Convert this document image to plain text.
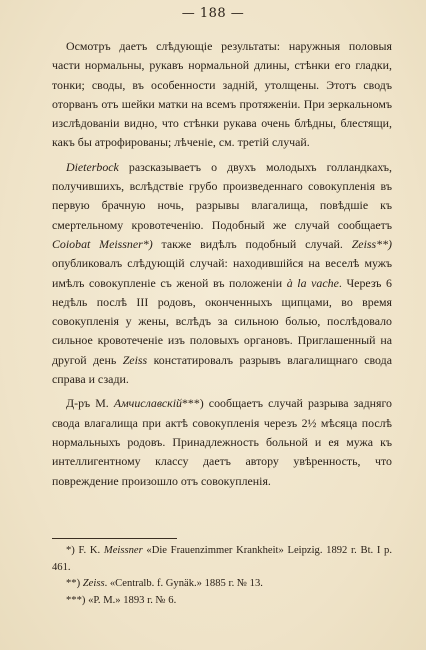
— 188 —

Осмотръ даетъ слѣдующіе результаты: наружныя половыя части нормальны, рукавъ нормальной длины, стѣнки его гладки, тонки; своды, въ особенности задній, утолщены. Этотъ сводъ оторванъ отъ шейки матки на всемъ протяженіи. При зеркальномъ изслѣдованіи видно, что стѣнки рукава очень блѣдны, блестящи, какъ бы атрофированы; лѣченіе, см. третій случай.

Dieterbock разсказываетъ о двухъ молодыхъ голландкахъ, получившихъ, вслѣдствіе грубо произведеннаго совокупленія въ первую брачную ночь, разрывы влагалища, повѣдшіе къ смертельному кровотеченію. Подобный же случай сообщаетъ Coiobat Meissner*) также видѣлъ подобный случай. Zeiss**) опубликовалъ слѣдующій случай: находившійся на веселѣ мужъ имѣлъ совокупленіе съ женой въ положеніи à la vache. Черезъ 6 недѣль послѣ III родовъ, оконченныхъ щипцами, во время совокупленія у жены, вслѣдъ за сильною болью, послѣдовало сильное кровотеченіе изъ половыхъ органовъ. Приглашенный на другой день Zeiss констатировалъ разрывъ влагалищнаго свода справа и сзади.

Д-ръ М. Амчиславскій***) сообщаетъ случай разрыва задняго свода влагалища при актѣ совокупленія черезъ 2½ мѣсяца послѣ нормальныхъ родовъ. Принадлежность больной и ея мужа къ интеллигентному классу даетъ автору увѣренность, что повреждение произошло отъ совокупленія.

*) F. K. Meissner «Die Frauenzimmer Krankheit» Leipzig. 1892 г. Bt. I p. 461.

**) Zeiss. «Centralb. f. Gynäk.» 1885 г. № 13.

***) «Р. М.» 1893 г. № 6.
